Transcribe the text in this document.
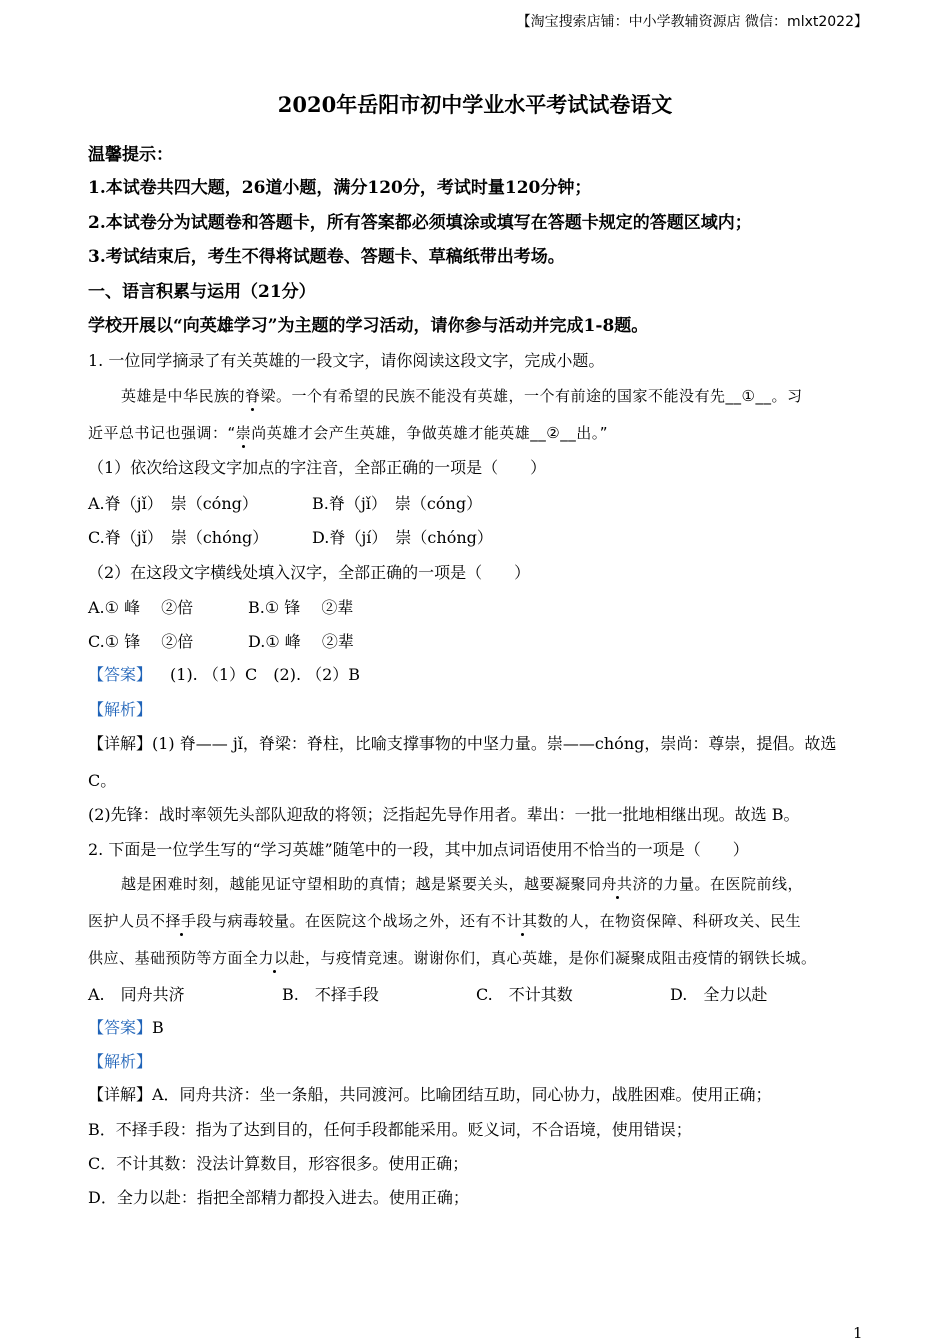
【淘宝搜索店铺：中小学教辅资源店 微信：mlxt2022】
2020年岳阳市初中学业水平考试试卷语文
温馨提示：
1.本试卷共四大题，26道小题，满分120分，考试时量120分钟；
2.本试卷分为试题卷和答题卡，所有答案都必须填涂或填写在答题卡规定的答题区域内；
3.考试结束后，考生不得将试题卷、答题卡、草稿纸带出考场。
一、语言积累与运用（21分）
学校开展以“向英雄学习”为主题的学习活动，请你参与活动并完成1-8题。
1. 一位同学摘录了有关英雄的一段文字，请你阅读这段文字，完成小题。
英雄是中华民族的脊梁。一个有希望的民族不能没有英雄，一个有前途的国家不能没有先__①__。习
近平总书记也强调：“崇尚英雄才会产生英雄，争做英雄才能英雄__②__出。”
（1）依次给这段文字加点的字注音，全部正确的一项是（　　）
A.脊（jǐ）　崇（cóng）	B.脊（jǐ）　崇（cóng）
C.脊（jǐ）　崇（chóng）	D.脊（jí）　崇（chóng）
（2）在这段文字横线处填入汉字，全部正确的一项是（　　）
A.① 峰　 ②倍	B.① 锋　 ②辈
C.① 锋　 ②倍	D.① 峰　 ②辈
【答案】 (1). （1）C　(2). （2）B
【解析】
【详解】(1) 脊—— jǐ，脊梁：脊柱，比喻支撑事物的中坚力量。崇——chóng，崇尚：尊崇，提倡。故选
C。
(2)先锋：战时率领先头部队迎敌的将领；泛指起先导作用者。辈出：一批一批地相继出现。故选 B。
2. 下面是一位学生写的“学习英雄”随笔中的一段，其中加点词语使用不恰当的一项是（　　）
越是困难时刻，越能见证守望相助的真情；越是紧要关头，越要凝聚同舟共济的力量。在医院前线，
医护人员不择手段与病毒较量。在医院这个战场之外，还有不计其数的人，在物资保障、科研攻关、民生
供应、基础预防等方面全力以赴，与疫情竞速。谢谢你们，真心英雄，是你们凝聚成阻击疫情的钢铁长城。
A.　同舟共济	B.　不择手段	C.　不计其数	D.　全力以赴
【答案】B
【解析】
【详解】A．同舟共济：坐一条船，共同渡河。比喻团结互助，同心协力，战胜困难。使用正确；
B．不择手段：指为了达到目的，任何手段都能采用。贬义词，不合语境，使用错误；
C．不计其数：没法计算数目，形容很多。使用正确；
D．全力以赴：指把全部精力都投入进去。使用正确；
1
